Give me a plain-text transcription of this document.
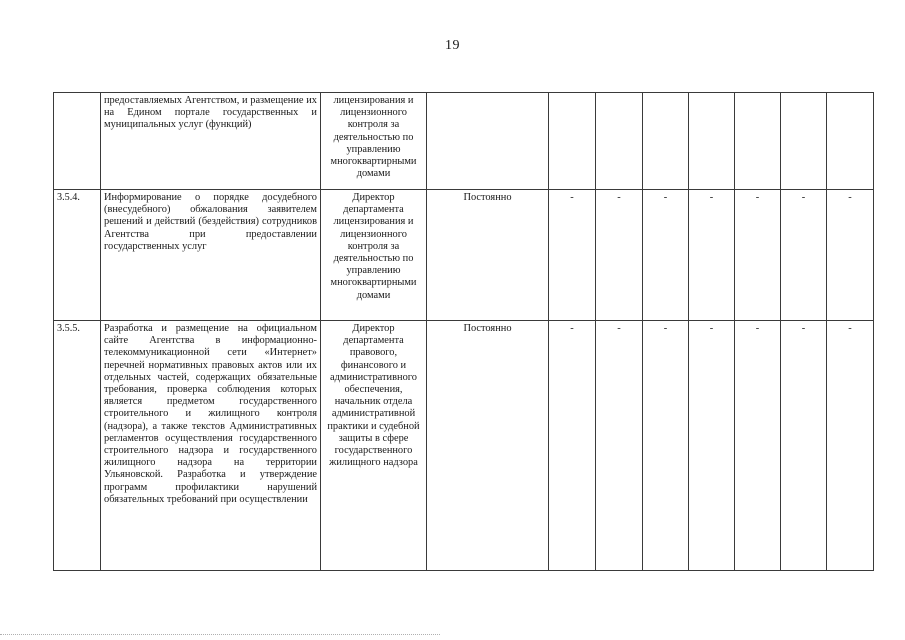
19
	предоставляемых Агентством, и размещение их на Едином портале государственных и муниципальных услуг (функций)	лицензирования и лицензионного контроля за деятельностью по управлению многоквартирными домами								
3.5.4.	Информирование о порядке досудебного (внесудебного) обжалования заявителем решений и действий (бездействия) сотрудников Агентства при предоставлении государственных услуг	Директор департамента лицензирования и лицензионного контроля за деятельностью по управлению многоквартирными домами	Постоянно	-	-	-	-	-	-	-
3.5.5.	Разработка и размещение на официальном сайте Агентства в информационно-телекоммуникационной сети «Интернет» перечней нормативных правовых актов или их отдельных частей, содержащих обязательные требования, проверка соблюдения которых является предметом государственного строительного и жилищного контроля (надзора), а также текстов Административных регламентов осуществления государственного строительного надзора и государственного жилищного надзора на территории Ульяновской. Разработка и утверждение программ профилактики нарушений обязательных требований при осуществлении	Директор департамента правового, финансового и административного обеспечения, начальник отдела административной практики и судебной защиты в сфере государственного жилищного надзора	Постоянно	-	-	-	-	-	-	-
